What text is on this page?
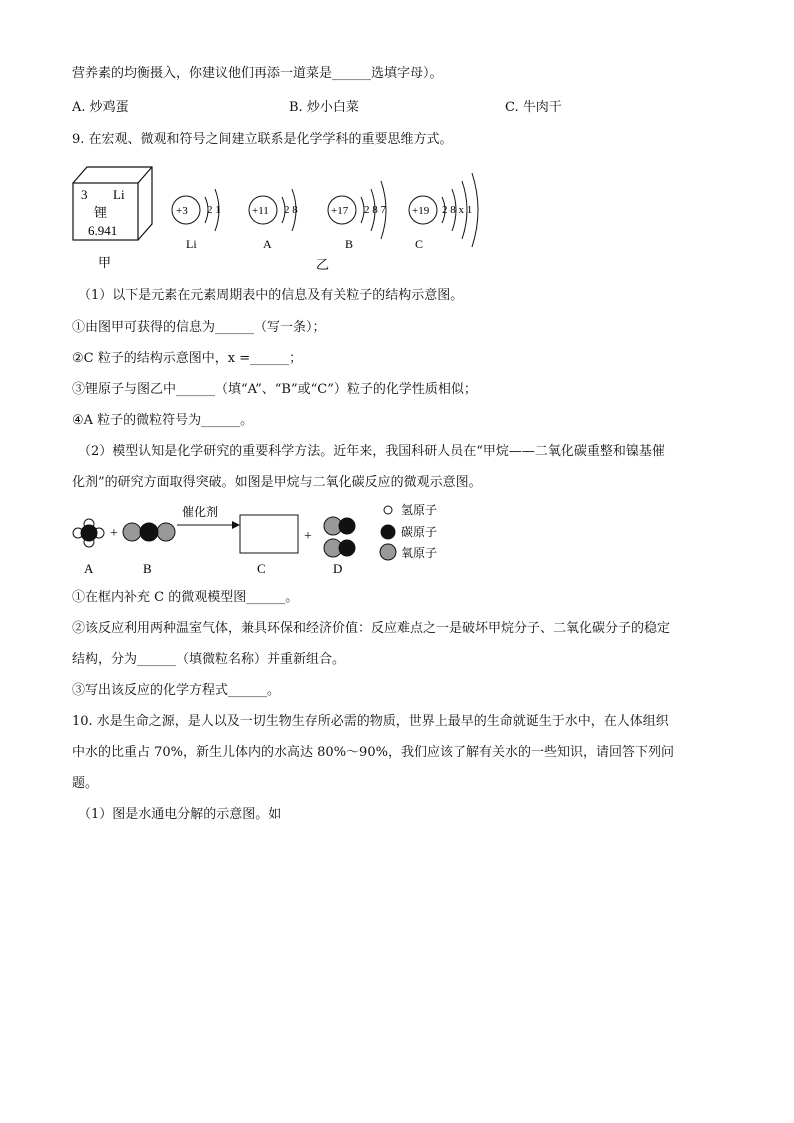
营养素的均衡摄入，你建议他们再添一道菜是______选填字母）。
A. 炒鸡蛋	B. 炒小白菜	C. 牛肉干
9. 在宏观、微观和符号之间建立联系是化学学科的重要思维方式。
3 Li
锂
6.941
甲
+3 2 1
Li
+11 2 8
A
+17 2 8 7
B
+19 2 8 x 1
C
乙
（1）以下是元素在元素周期表中的信息及有关粒子的结构示意图。
①由图甲可获得的信息为______（写一条）；
②C 粒子的结构示意图中，x =______；
③锂原子与图乙中______（填“A”、“B”或“C”）粒子的化学性质相似；
④A 粒子的微粒符号为______。
（2）模型认知是化学研究的重要科学方法。近年来，我国科研人员在“甲烷——二氧化碳重整和镍基催
化剂”的研究方面取得突破。如图是甲烷与二氧化碳反应的微观示意图。
+
催化剂
+
氢原子
碳原子
氧原子
A	B	C	D
①在框内补充 C 的微观模型图______。
②该反应利用两种温室气体，兼具环保和经济价值：反应难点之一是破坏甲烷分子、二氧化碳分子的稳定
结构，分为______（填微粒名称）并重新组合。
③写出该反应的化学方程式______。
10. 水是生命之源，是人以及一切生物生存所必需的物质，世界上最早的生命就诞生于水中，在人体组织
中水的比重占 70%，新生儿体内的水高达 80%～90%，我们应该了解有关水的一些知识，请回答下列问
题。
（1）图是水通电分解的示意图。如
